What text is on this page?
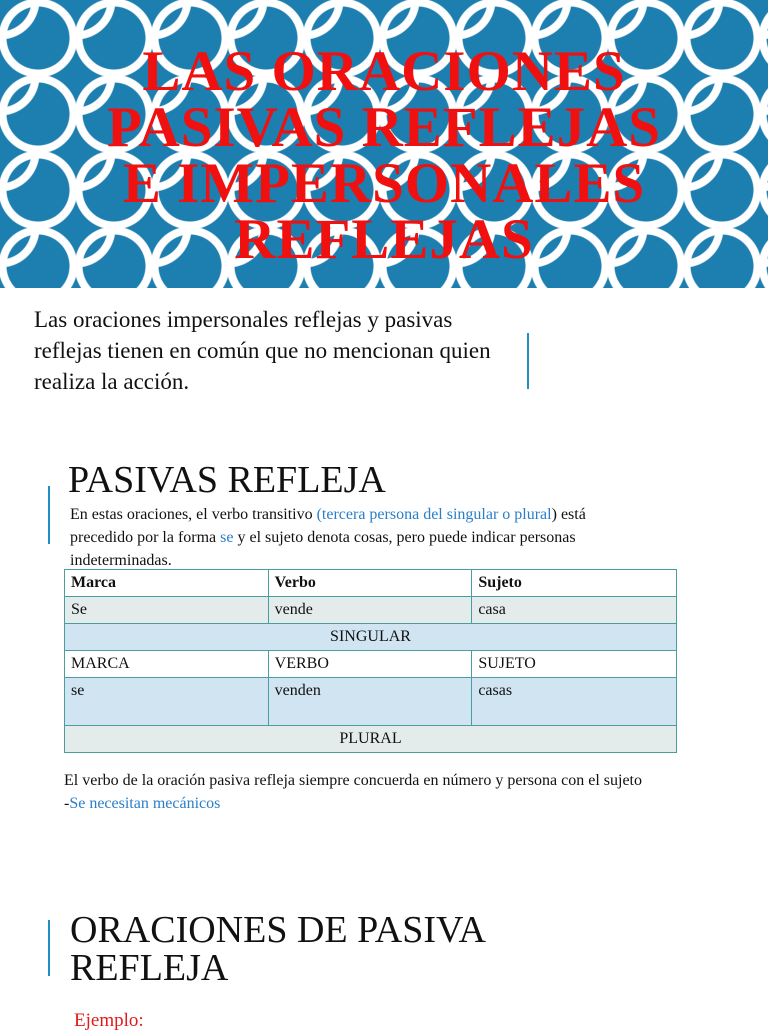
LAS ORACIONES
PASIVAS REFLEJAS
E IMPERSONALES
REFLEJAS

Las oraciones impersonales reflejas y pasivas reflejas tienen en común que no mencionan quien realiza la acción.

PASIVAS REFLEJA

En estas oraciones, el verbo transitivo (tercera persona del singular o plural) está precedido por la forma se y el sujeto denota cosas, pero puede indicar personas indeterminadas.

Marca	Verbo	Sujeto
Se	vende	casa
SINGULAR		
MARCA	VERBO	SUJETO
se	venden	casas
PLURAL		

El verbo de la oración pasiva refleja siempre concuerda en número y persona con el sujeto
-Se necesitan mecánicos

ORACIONES DE PASIVA
REFLEJA

Ejemplo:
